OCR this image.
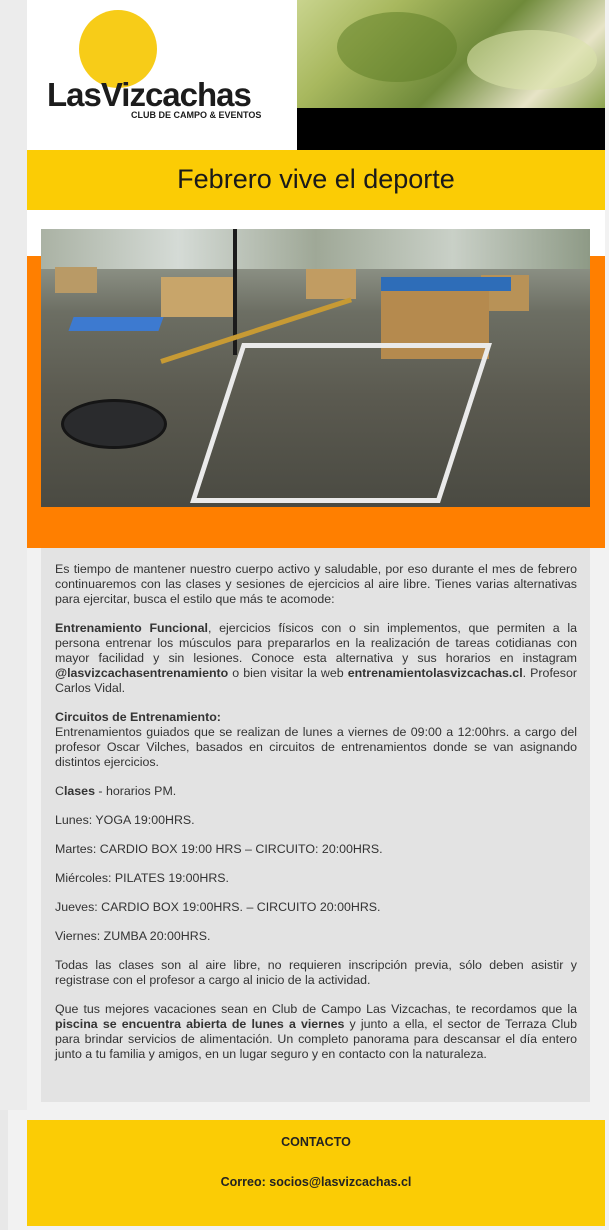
LasVizcachas
CLUB DE CAMPO & EVENTOS
Febrero vive el deporte

Es tiempo de mantener nuestro cuerpo activo y saludable, por eso durante el mes de febrero continuaremos con las clases y sesiones de ejercicios al aire libre. Tienes varias alternativas para ejercitar, busca el estilo que más te acomode:

Entrenamiento Funcional, ejercicios físicos con o sin implementos, que permiten a la persona entrenar los músculos para prepararlos en la realización de tareas cotidianas con mayor facilidad y sin lesiones. Conoce esta alternativa y sus horarios en instagram @lasvizcachasentrenamiento o bien visitar la web entrenamientolasvizcachas.cl. Profesor Carlos Vidal.

Circuitos de Entrenamiento:
Entrenamientos guiados que se realizan de lunes a viernes de 09:00 a 12:00hrs. a cargo del profesor Oscar Vilches, basados en circuitos de entrenamientos donde se van asignando distintos ejercicios.

Clases - horarios PM.

Lunes: YOGA 19:00HRS.

Martes: CARDIO BOX 19:00 HRS – CIRCUITO: 20:00HRS.

Miércoles: PILATES 19:00HRS.

Jueves: CARDIO BOX 19:00HRS. – CIRCUITO 20:00HRS.

Viernes: ZUMBA 20:00HRS.

Todas las clases son al aire libre, no requieren inscripción previa, sólo deben asistir y registrase con el profesor a cargo al inicio de la actividad.

Que tus mejores vacaciones sean en Club de Campo Las Vizcachas, te recordamos que la piscina se encuentra abierta de lunes a viernes y junto a ella, el sector de Terraza Club para brindar servicios de alimentación. Un completo panorama para descansar el día entero junto a tu familia y amigos, en un lugar seguro y en contacto con la naturaleza.

CONTACTO
Correo: socios@lasvizcachas.cl
